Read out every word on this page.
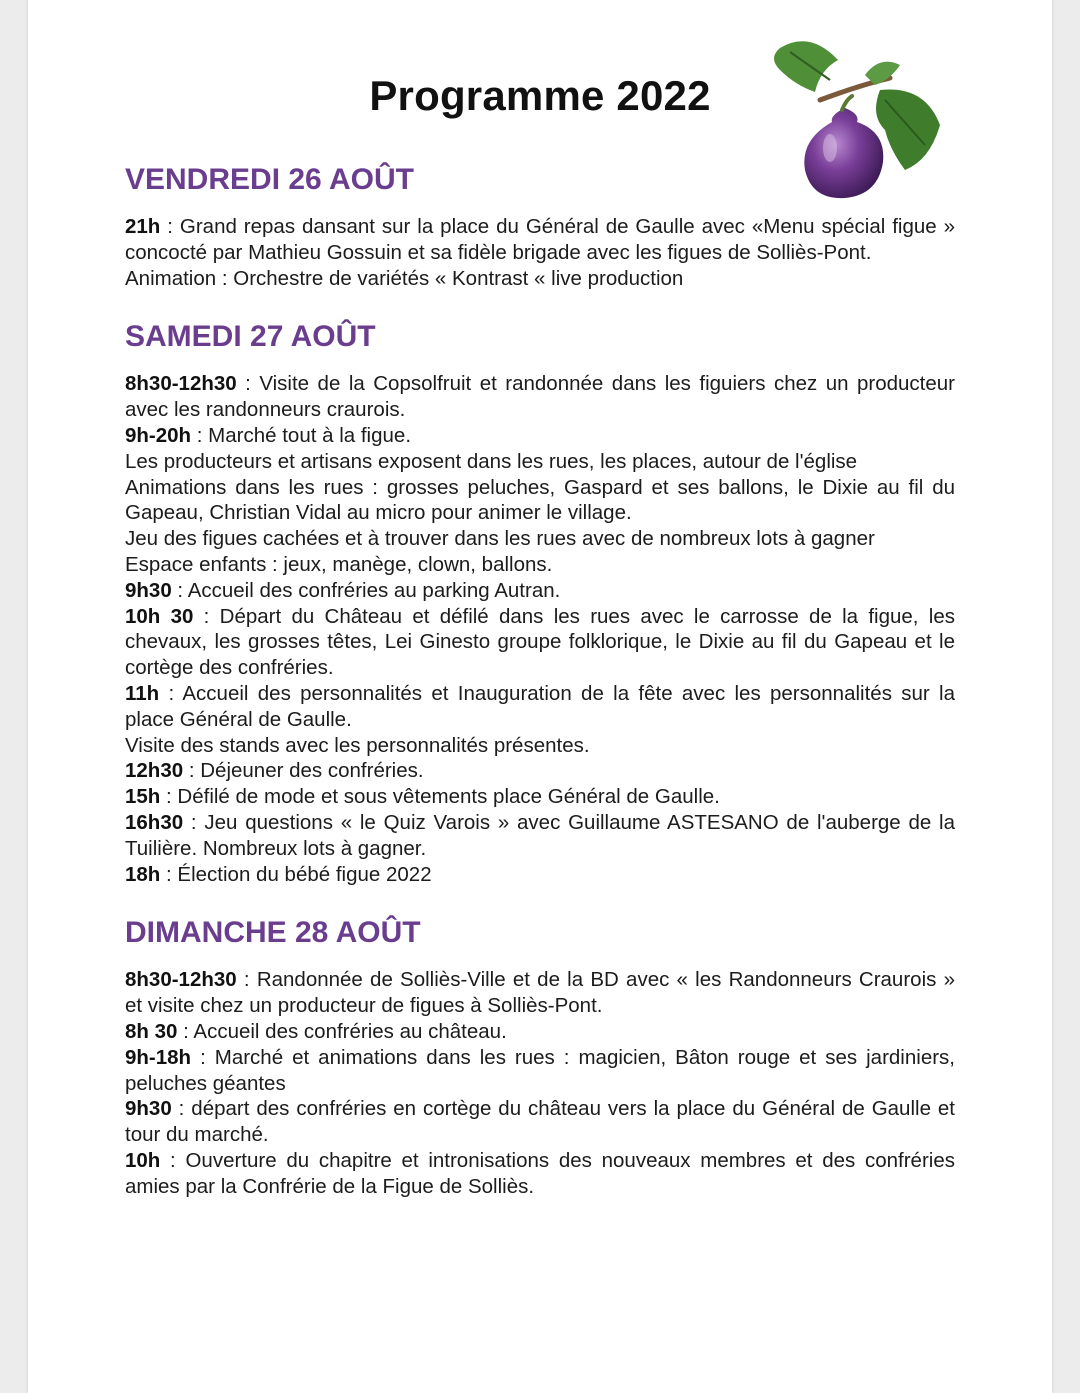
Programme 2022
VENDREDI 26 AOÛT

21h : Grand repas dansant sur la place du Général de Gaulle avec «Menu spécial figue » concocté par Mathieu Gossuin et sa fidèle brigade avec les figues de Solliès-Pont.

Animation : Orchestre de variétés « Kontrast « live production

SAMEDI 27 AOÛT

8h30-12h30 : Visite de la Copsolfruit et randonnée dans les figuiers chez un producteur avec les randonneurs craurois.

9h-20h : Marché tout à la figue.

Les producteurs et artisans exposent dans les rues, les places, autour de l'église

Animations dans les rues : grosses peluches, Gaspard et ses ballons, le Dixie au fil du Gapeau, Christian Vidal au micro pour animer le village.

Jeu des figues cachées et à trouver dans les rues avec de nombreux lots à gagner

Espace enfants : jeux, manège, clown, ballons.

9h30 : Accueil des confréries au parking Autran.

10h 30 : Départ du Château et défilé dans les rues avec le carrosse de la figue, les chevaux, les grosses têtes, Lei Ginesto groupe folklorique, le Dixie au fil du Gapeau et le cortège des confréries.

11h : Accueil des personnalités et Inauguration de la fête avec les personnalités sur la place Général de Gaulle.

Visite des stands avec les personnalités présentes.

12h30 : Déjeuner des confréries.

15h : Défilé de mode et sous vêtements place Général de Gaulle.

16h30 : Jeu questions « le Quiz Varois » avec Guillaume ASTESANO de l'auberge de la Tuilière. Nombreux lots à gagner.

18h : Élection du bébé figue 2022

DIMANCHE 28 AOÛT

8h30-12h30 : Randonnée de Solliès-Ville et de la BD avec « les Randonneurs Craurois » et visite chez un producteur de figues à Solliès-Pont.

8h 30 : Accueil des confréries au château.

9h-18h : Marché et animations dans les rues : magicien, Bâton rouge et ses jardiniers, peluches géantes

9h30 : départ des confréries en cortège du château vers la place du Général de Gaulle et tour du marché.

10h : Ouverture du chapitre et intronisations des nouveaux membres et des confréries amies par la Confrérie de la Figue de Solliès.
